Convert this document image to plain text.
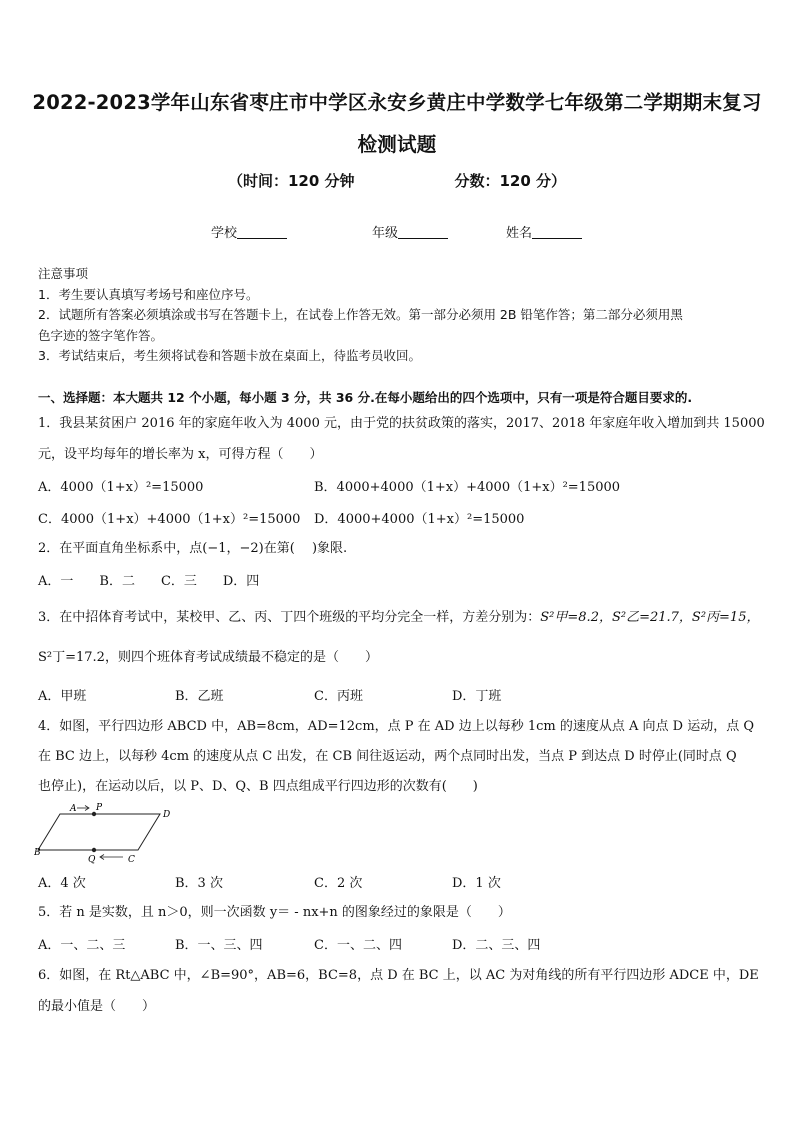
2022-2023学年山东省枣庄市中学区永安乡黄庄中学数学七年级第二学期期末复习检测试题
（时间：120 分钟	分数：120 分）
学校	年级	姓名
注意事项
1．考生要认真填写考场号和座位序号。
2．试题所有答案必须填涂或书写在答题卡上，在试卷上作答无效。第一部分必须用 2B 铅笔作答；第二部分必须用黑
色字迹的签字笔作答。
3．考试结束后，考生须将试卷和答题卡放在桌面上，待监考员收回。
一、选择题：本大题共 12 个小题，每小题 3 分，共 36 分.在每小题给出的四个选项中，只有一项是符合题目要求的.
1．我县某贫困户 2016 年的家庭年收入为 4000 元，由于党的扶贫政策的落实，2017、2018 年家庭年收入增加到共 15000
元，设平均每年的增长率为 x，可得方程（　　）
A．4000（1+x）²=15000	B．4000+4000（1+x）+4000（1+x）²=15000
C．4000（1+x）+4000（1+x）²=15000 D．4000+4000（1+x）²=15000
2．在平面直角坐标系中，点(−1，−2)在第(　 )象限.
A．一　　B．二　　C．三　　D．四
3．在中招体育考试中，某校甲、乙、丙、丁四个班级的平均分完全一样，方差分别为：S²甲=8.2，S²乙=21.7，S²丙=15，
S²丁=17.2，则四个班体育考试成绩最不稳定的是（　　）
A．甲班	B．乙班	C．丙班	D．丁班
4．如图，平行四边形 ABCD 中，AB=8cm，AD=12cm，点 P 在 AD 边上以每秒 1cm 的速度从点 A 向点 D 运动，点 Q
在 BC 边上，以每秒 4cm 的速度从点 C 出发，在 CB 间往返运动，两个点同时出发，当点 P 到达点 D 时停止(同时点 Q
也停止)，在运动以后，以 P、D、Q、B 四点组成平行四边形的次数有(　　)
A P
D
B
Q	C
A．4 次	B．3 次	C．2 次	D．1 次
5．若 n 是实数，且 n＞0，则一次函数 y＝ - nx+n 的图象经过的象限是（　　）
A．一、二、三	B．一、三、四	C．一、二、四	D．二、三、四
6．如图，在 Rt△ABC 中，∠B=90°，AB=6，BC=8，点 D 在 BC 上，以 AC 为对角线的所有平行四边形 ADCE 中，DE
的最小值是（　　）
